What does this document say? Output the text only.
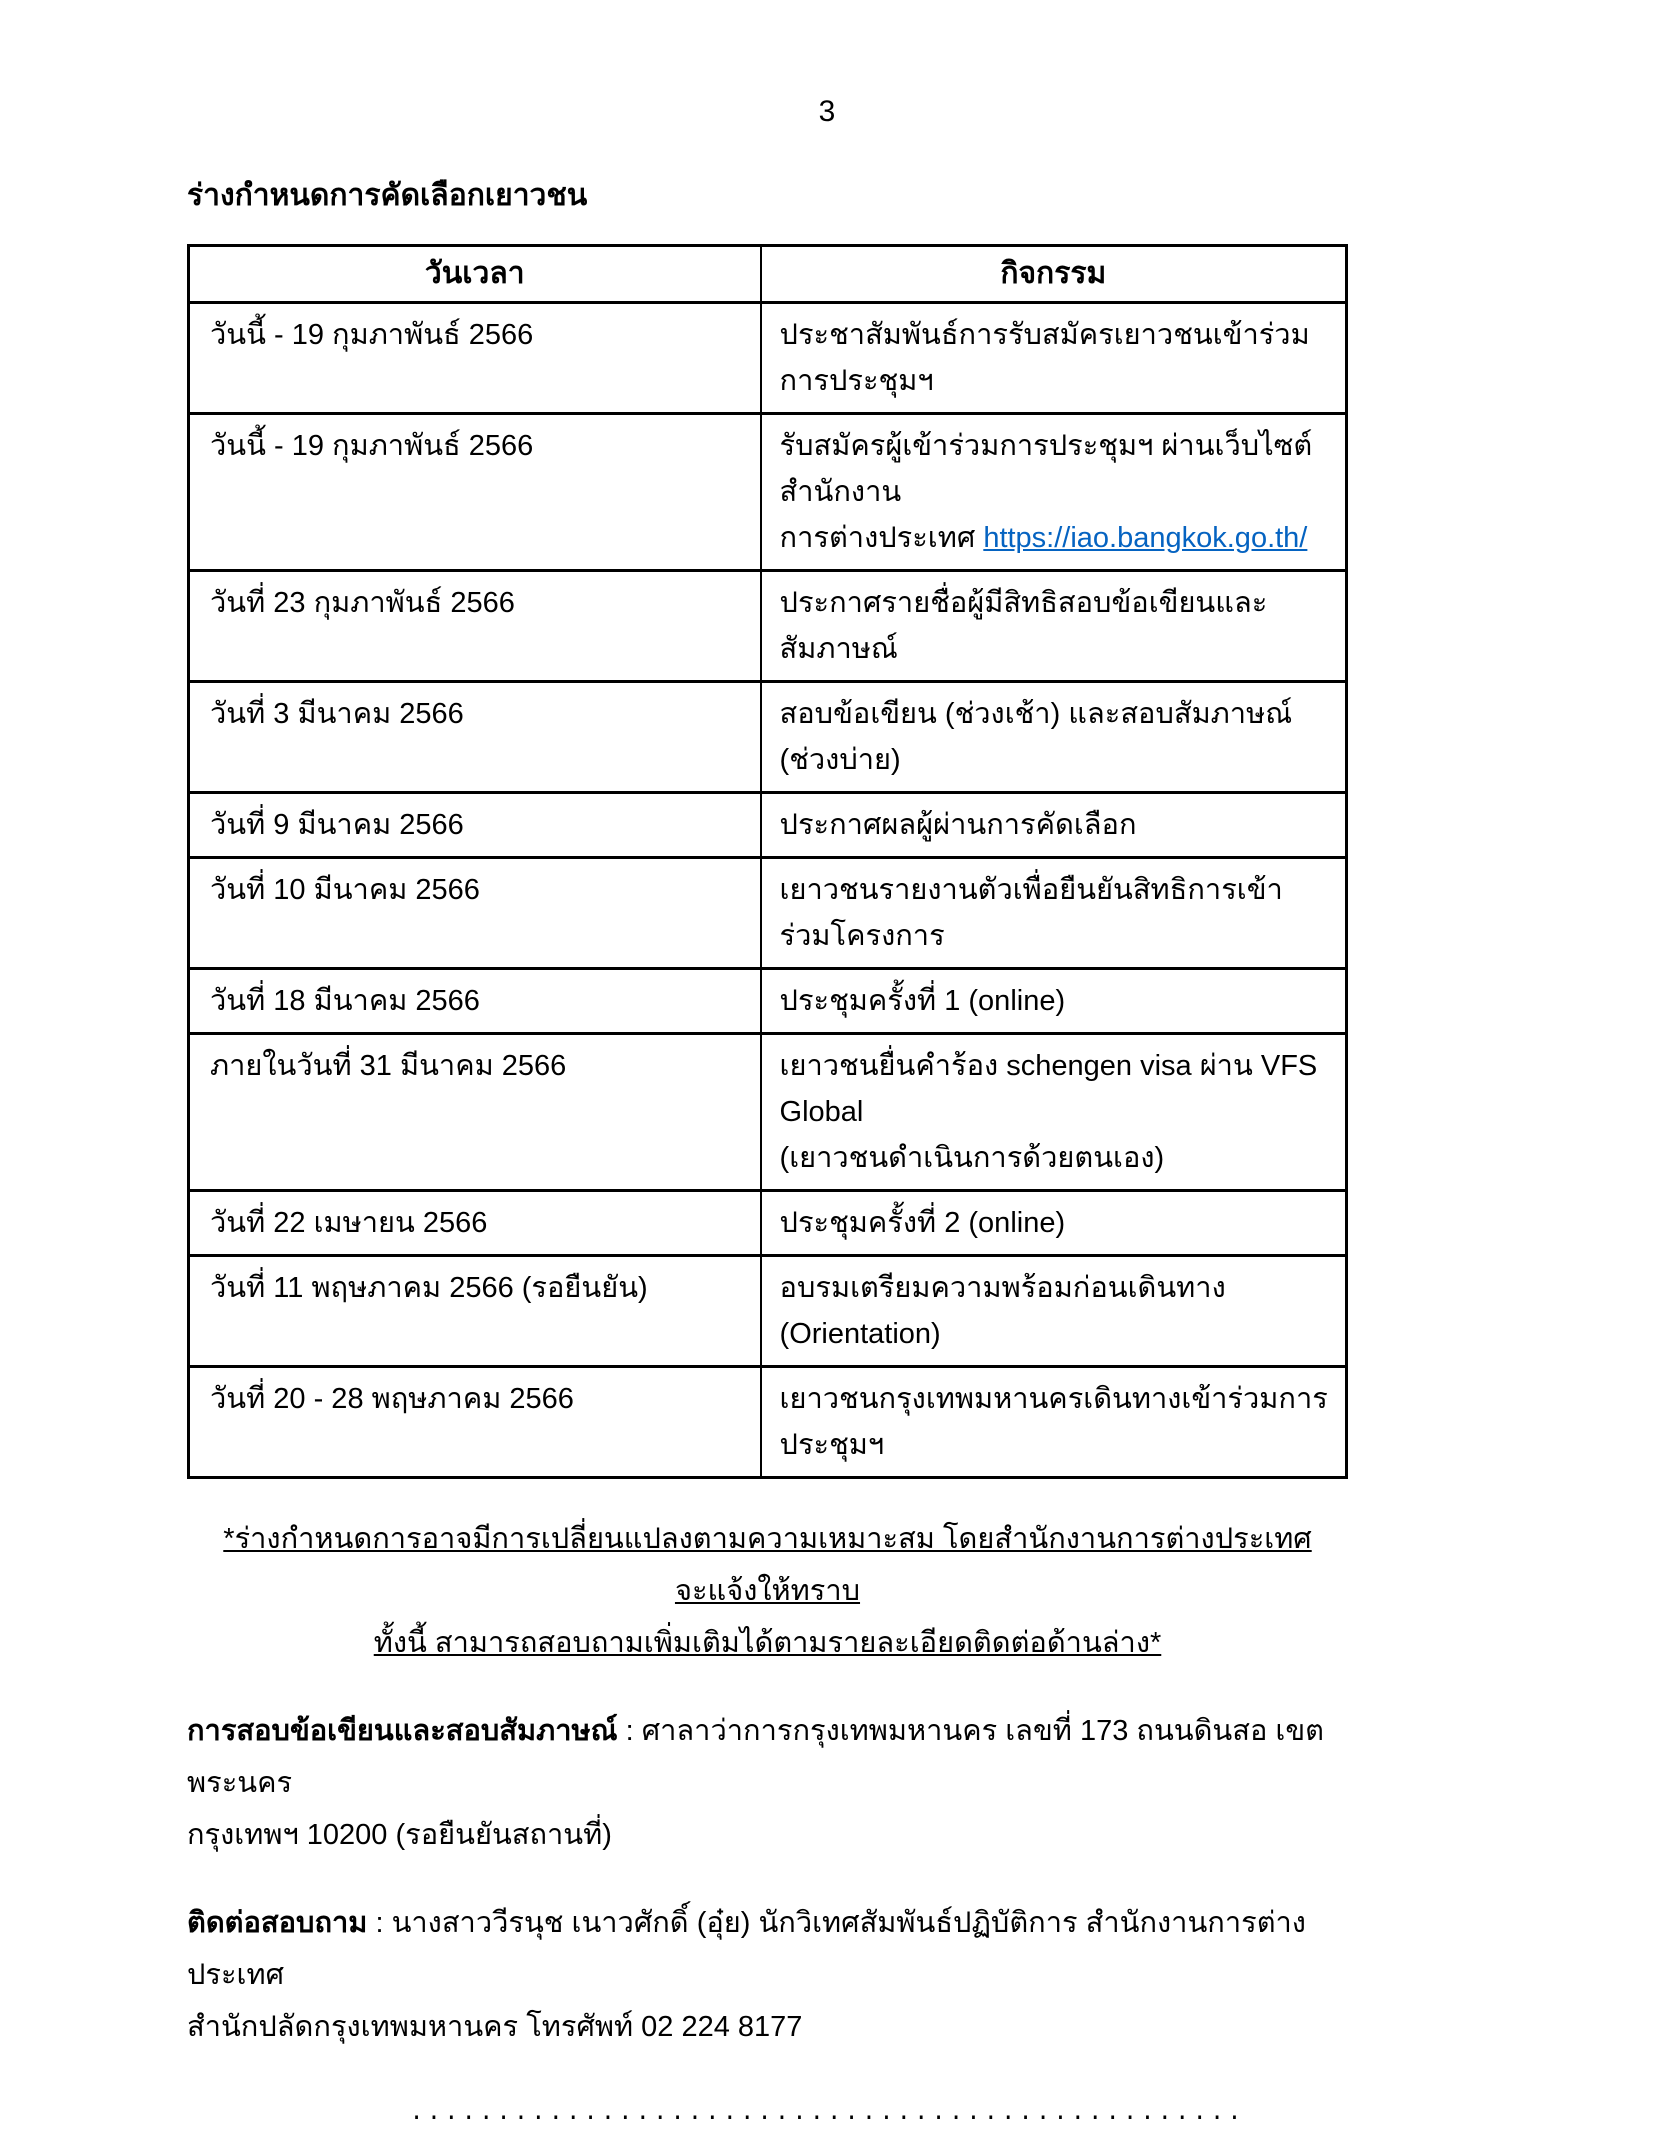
3
ร่างกำหนดการคัดเลือกเยาวชน
วันเวลา	กิจกรรม
วันนี้ - 19 กุมภาพันธ์ 2566	ประชาสัมพันธ์การรับสมัครเยาวชนเข้าร่วมการประชุมฯ
วันนี้ - 19 กุมภาพันธ์ 2566	รับสมัครผู้เข้าร่วมการประชุมฯ ผ่านเว็บไซต์สำนักงาน
การต่างประเทศ https://iao.bangkok.go.th/
วันที่ 23 กุมภาพันธ์ 2566	ประกาศรายชื่อผู้มีสิทธิสอบข้อเขียนและสัมภาษณ์
วันที่ 3 มีนาคม 2566	สอบข้อเขียน (ช่วงเช้า) และสอบสัมภาษณ์ (ช่วงบ่าย)
วันที่ 9 มีนาคม 2566	ประกาศผลผู้ผ่านการคัดเลือก
วันที่ 10 มีนาคม 2566	เยาวชนรายงานตัวเพื่อยืนยันสิทธิการเข้าร่วมโครงการ
วันที่ 18 มีนาคม 2566	ประชุมครั้งที่ 1 (online)
ภายในวันที่ 31 มีนาคม 2566	เยาวชนยื่นคำร้อง schengen visa ผ่าน VFS Global
(เยาวชนดำเนินการด้วยตนเอง)
วันที่ 22 เมษายน 2566	ประชุมครั้งที่ 2 (online)
วันที่ 11 พฤษภาคม 2566 (รอยืนยัน)	อบรมเตรียมความพร้อมก่อนเดินทาง (Orientation)
วันที่ 20 - 28 พฤษภาคม 2566	เยาวชนกรุงเทพมหานครเดินทางเข้าร่วมการประชุมฯ
*ร่างกำหนดการอาจมีการเปลี่ยนแปลงตามความเหมาะสม โดยสำนักงานการต่างประเทศจะแจ้งให้ทราบ
ทั้งนี้ สามารถสอบถามเพิ่มเติมได้ตามรายละเอียดติดต่อด้านล่าง*
การสอบข้อเขียนและสอบสัมภาษณ์ : ศาลาว่าการกรุงเทพมหานคร เลขที่ 173 ถนนดินสอ เขตพระนคร
กรุงเทพฯ 10200 (รอยืนยันสถานที่)
ติดต่อสอบถาม : นางสาววีรนุช เนาวศักดิ์ (อุ๋ย) นักวิเทศสัมพันธ์ปฏิบัติการ สำนักงานการต่างประเทศ
สำนักปลัดกรุงเทพมหานคร โทรศัพท์ 02 224 8177
................................................
